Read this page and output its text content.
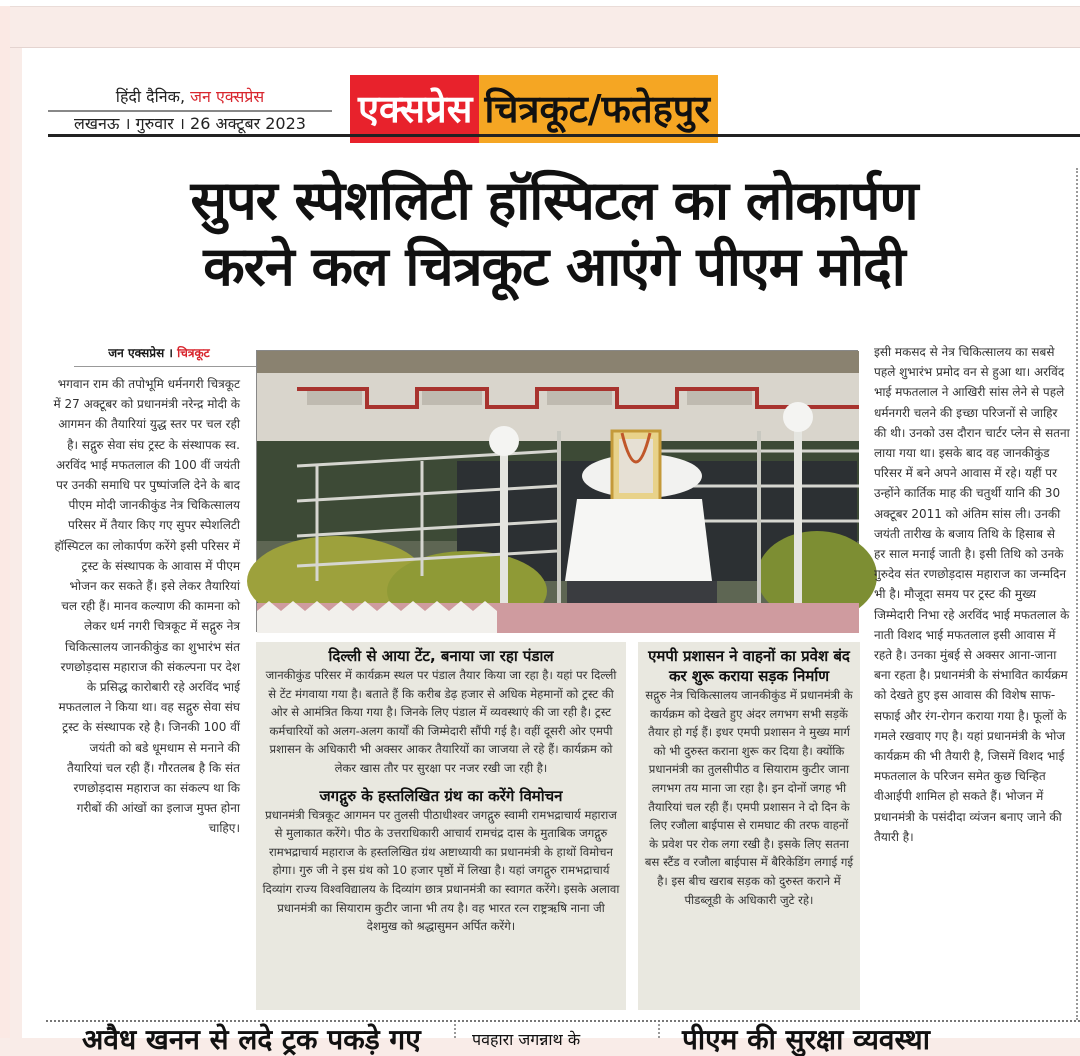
हिंदी दैनिक, जन एक्सप्रेस
लखनऊ । गुरुवार । 26 अक्टूबर 2023	एक्सप्रेस चित्रकूट/फतेहपुर
सुपर स्पेशलिटी हॉस्पिटल का लोकार्पण
करने कल चित्रकूट आएंगे पीएम मोदी
जन एक्सप्रेस । चित्रकूट
भगवान राम की तपोभूमि धर्मनगरी चित्रकूट में 27 अक्टूबर को प्रधानमंत्री नरेन्द्र मोदी के आगमन की तैयारियां युद्ध स्तर पर चल रही है। सद्गुरु सेवा संघ ट्रस्ट के संस्थापक स्व. अरविंद भाई मफतलाल की 100 वीं जयंती पर उनकी समाधि पर पुष्पांजलि देने के बाद पीएम मोदी जानकीकुंड नेत्र चिकित्सालय परिसर में तैयार किए गए सुपर स्पेशलिटी हॉस्पिटल का लोकार्पण करेंगे इसी परिसर में ट्रस्ट के संस्थापक के आवास में पीएम भोजन कर सकते हैं। इसे लेकर तैयारियां चल रही हैं। मानव कल्याण की कामना को लेकर धर्म नगरी चित्रकूट में सद्गुरु नेत्र चिकित्सालय जानकीकुंड का शुभारंभ संत रणछोड़दास महाराज की संकल्पना पर देश के प्रसिद्ध कारोबारी रहे अरविंद भाई मफतलाल ने किया था। वह सद्गुरु सेवा संघ ट्रस्ट के संस्थापक रहे है। जिनकी 100 वीं जयंती को बडे धूमधाम से मनाने की तैयारियां चल रही हैं। गौरतलब है कि संत रणछोड़दास महाराज का संकल्प था कि गरीबों की आंखों का इलाज मुफ्त होना चाहिए।
दिल्ली से आया टेंट, बनाया जा रहा पंडाल

जानकीकुंड परिसर में कार्यक्रम स्थल पर पंडाल तैयार किया जा रहा है। यहां पर दिल्ली से टेंट मंगवाया गया है। बताते हैं कि करीब डेढ़ हजार से अधिक मेहमानों को ट्रस्ट की ओर से आमंत्रित किया गया है। जिनके लिए पंडाल में व्यवस्थाएं की जा रही है। ट्रस्ट कर्मचारियों को अलग-अलग कार्यों की जिम्मेदारी सौंपी गई है। वहीं दूसरी ओर एमपी प्रशासन के अधिकारी भी अक्सर आकर तैयारियों का जाजया ले रहे हैं। कार्यक्रम को लेकर खास तौर पर सुरक्षा पर नजर रखी जा रही है।

जगद्गुरु के हस्तलिखित ग्रंथ का करेंगे विमोचन

प्रधानमंत्री चित्रकूट आगमन पर तुलसी पीठाधीश्वर जगद्गुरु स्वामी रामभद्राचार्य महाराज से मुलाकात करेंगे। पीठ के उत्तराधिकारी आचार्य रामचंद्र दास के मुताबिक जगद्गुरु रामभद्राचार्य महाराज के हस्तलिखित ग्रंथ अष्टाध्यायी का प्रधानमंत्री के हाथों विमोचन होगा। गुरु जी ने इस ग्रंथ को 10 हजार पृष्ठों में लिखा है। यहां जगद्गुरु रामभद्राचार्य दिव्यांग राज्य विश्वविद्यालय के दिव्यांग छात्र प्रधानमंत्री का स्वागत करेंगे। इसके अलावा प्रधानमंत्री का सियाराम कुटीर जाना भी तय है। वह भारत रत्न राष्ट्रऋषि नाना जी देशमुख को श्रद्धासुमन अर्पित करेंगे।

एमपी प्रशासन ने वाहनों का प्रवेश बंद कर शुरू कराया सड़क निर्माण

सद्गुरु नेत्र चिकित्सालय जानकीकुंड में प्रधानमंत्री के कार्यक्रम को देखते हुए अंदर लगभग सभी सड़कें तैयार हो गई हैं। इधर एमपी प्रशासन ने मुख्य मार्ग को भी दुरुस्त कराना शुरू कर दिया है। क्योंकि प्रधानमंत्री का तुलसीपीठ व सियाराम कुटीर जाना लगभग तय माना जा रहा है। इन दोनों जगह भी तैयारियां चल रही हैं। एमपी प्रशासन ने दो दिन के लिए रजौला बाईपास से रामघाट की तरफ वाहनों के प्रवेश पर रोक लगा रखी है। इसके लिए सतना बस स्टैंड व रजौला बाईपास में बैरिकेडिंग लगाई गई है। इस बीच खराब सड़क को दुरुस्त कराने में पीडब्लूडी के अधिकारी जुटे रहे।

इसी मकसद से नेत्र चिकित्सालय का सबसे पहले शुभारंभ प्रमोद वन से हुआ था। अरविंद भाई मफतलाल ने आखिरी सांस लेने से पहले धर्मनगरी चलने की इच्छा परिजनों से जाहिर की थी। उनको उस दौरान चार्टर प्लेन से सतना लाया गया था। इसके बाद वह जानकीकुंड परिसर में बने अपने आवास में रहे। यहीं पर उन्होंने कार्तिक माह की चतुर्थी यानि की 30 अक्टूबर 2011 को अंतिम सांस ली। उनकी जयंती तारीख के बजाय तिथि के हिसाब से हर साल मनाई जाती है। इसी तिथि को उनके गुरुदेव संत रणछोड़दास महाराज का जन्मदिन भी है। मौजूदा समय पर ट्रस्ट की मुख्य जिम्मेदारी निभा रहे अरविंद भाई मफतलाल के नाती विशद भाई मफतलाल इसी आवास में रहते है। उनका मुंबई से अक्सर आना-जाना बना रहता है। प्रधानमंत्री के संभावित कार्यक्रम को देखते हुए इस आवास की विशेष साफ-सफाई और रंग-रोगन कराया गया है। फूलों के गमले रखवाए गए है। यहां प्रधानमंत्री के भोज कार्यक्रम की भी तैयारी है, जिसमें विशद भाई मफतलाल के परिजन समेत कुछ चिन्हित वीआईपी शामिल हो सकते हैं। भोजन में प्रधानमंत्री के पसंदीदा व्यंजन बनाए जाने की तैयारी है।
अवैध खनन से लदे ट्रक पकड़े गए	पवहारा जगन्नाथ के	पीएम की सुरक्षा व्यवस्था
